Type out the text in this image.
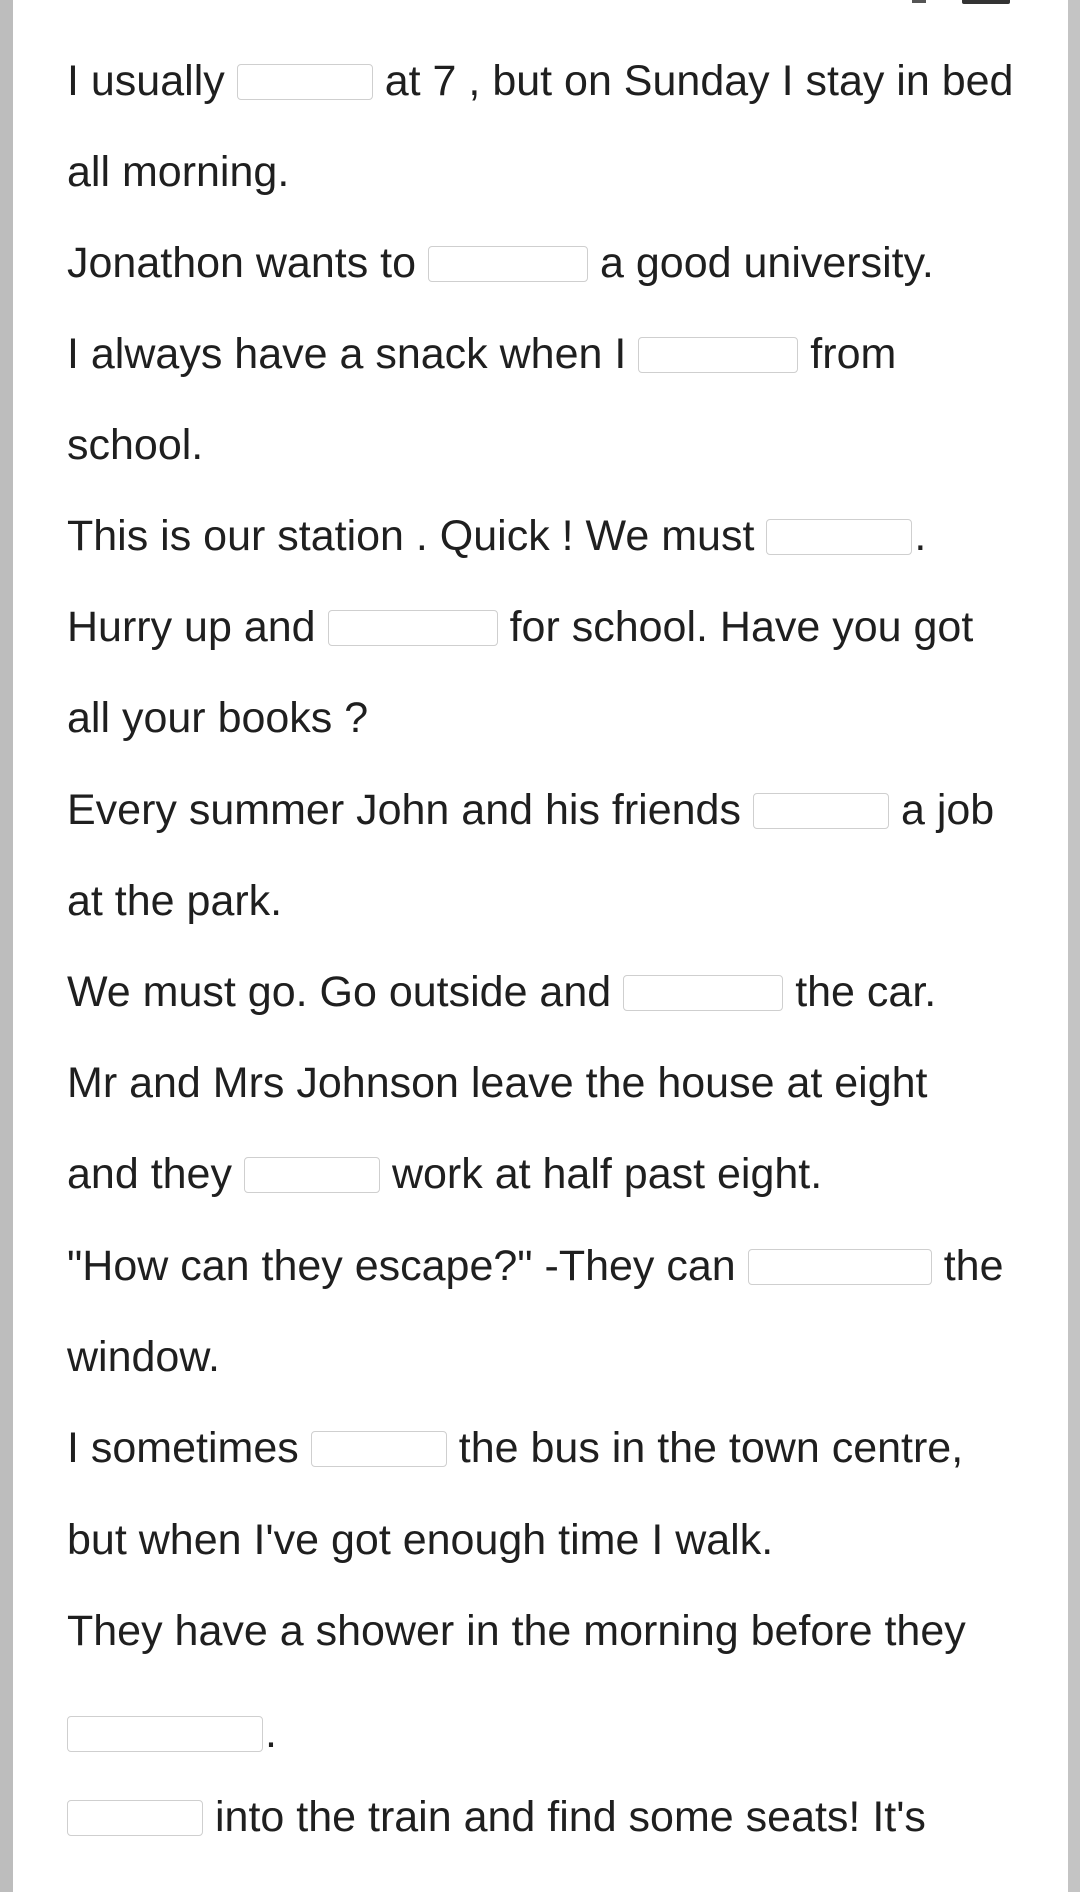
I usually	at 7 , but on Sunday I stay in bed
all morning.
Jonathon wants to	a good university.
I always have a snack when I	from
school.
This is our station . Quick ! We must	.
Hurry up and	for school. Have you got
all your books ?
Every summer John and his friends	a job
at the park.
We must go. Go outside and	the car.
Mr and Mrs Johnson leave the house at eight
and they	work at half past eight.
"How can they escape?" -They can	the
window.
I sometimes	the bus in the town centre,
but when I've got enough time I walk.
They have a shower in the morning before they
.
into the train and find some seats! It's
